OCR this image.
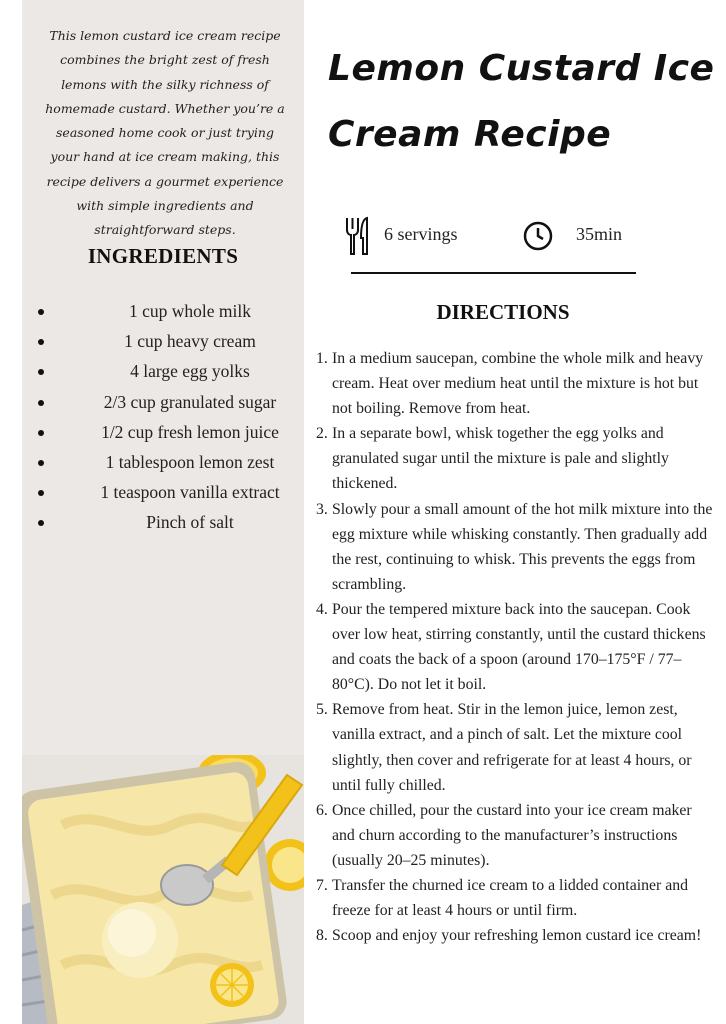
This lemon custard ice cream recipe combines the bright zest of fresh lemons with the silky richness of homemade custard. Whether you’re a seasoned home cook or just trying your hand at ice cream making, this recipe delivers a gourmet experience with simple ingredients and straightforward steps.

INGREDIENTS
1 cup whole milk
1 cup heavy cream
4 large egg yolks
2/3 cup granulated sugar
1/2 cup fresh lemon juice
1 tablespoon lemon zest
1 teaspoon vanilla extract
Pinch of salt
Lemon Custard Ice Cream Recipe
6 servings	35min
DIRECTIONS
1. In a medium saucepan, combine the whole milk and heavy cream. Heat over medium heat until the mixture is hot but not boiling. Remove from heat.
2. In a separate bowl, whisk together the egg yolks and granulated sugar until the mixture is pale and slightly thickened.
3. Slowly pour a small amount of the hot milk mixture into the egg mixture while whisking constantly. Then gradually add the rest, continuing to whisk. This prevents the eggs from scrambling.
4. Pour the tempered mixture back into the saucepan. Cook over low heat, stirring constantly, until the custard thickens and coats the back of a spoon (around 170–175°F / 77–80°C). Do not let it boil.
5. Remove from heat. Stir in the lemon juice, lemon zest, vanilla extract, and a pinch of salt. Let the mixture cool slightly, then cover and refrigerate for at least 4 hours, or until fully chilled.
6. Once chilled, pour the custard into your ice cream maker and churn according to the manufacturer’s instructions (usually 20–25 minutes).
7. Transfer the churned ice cream to a lidded container and freeze for at least 4 hours or until firm.
8. Scoop and enjoy your refreshing lemon custard ice cream!
